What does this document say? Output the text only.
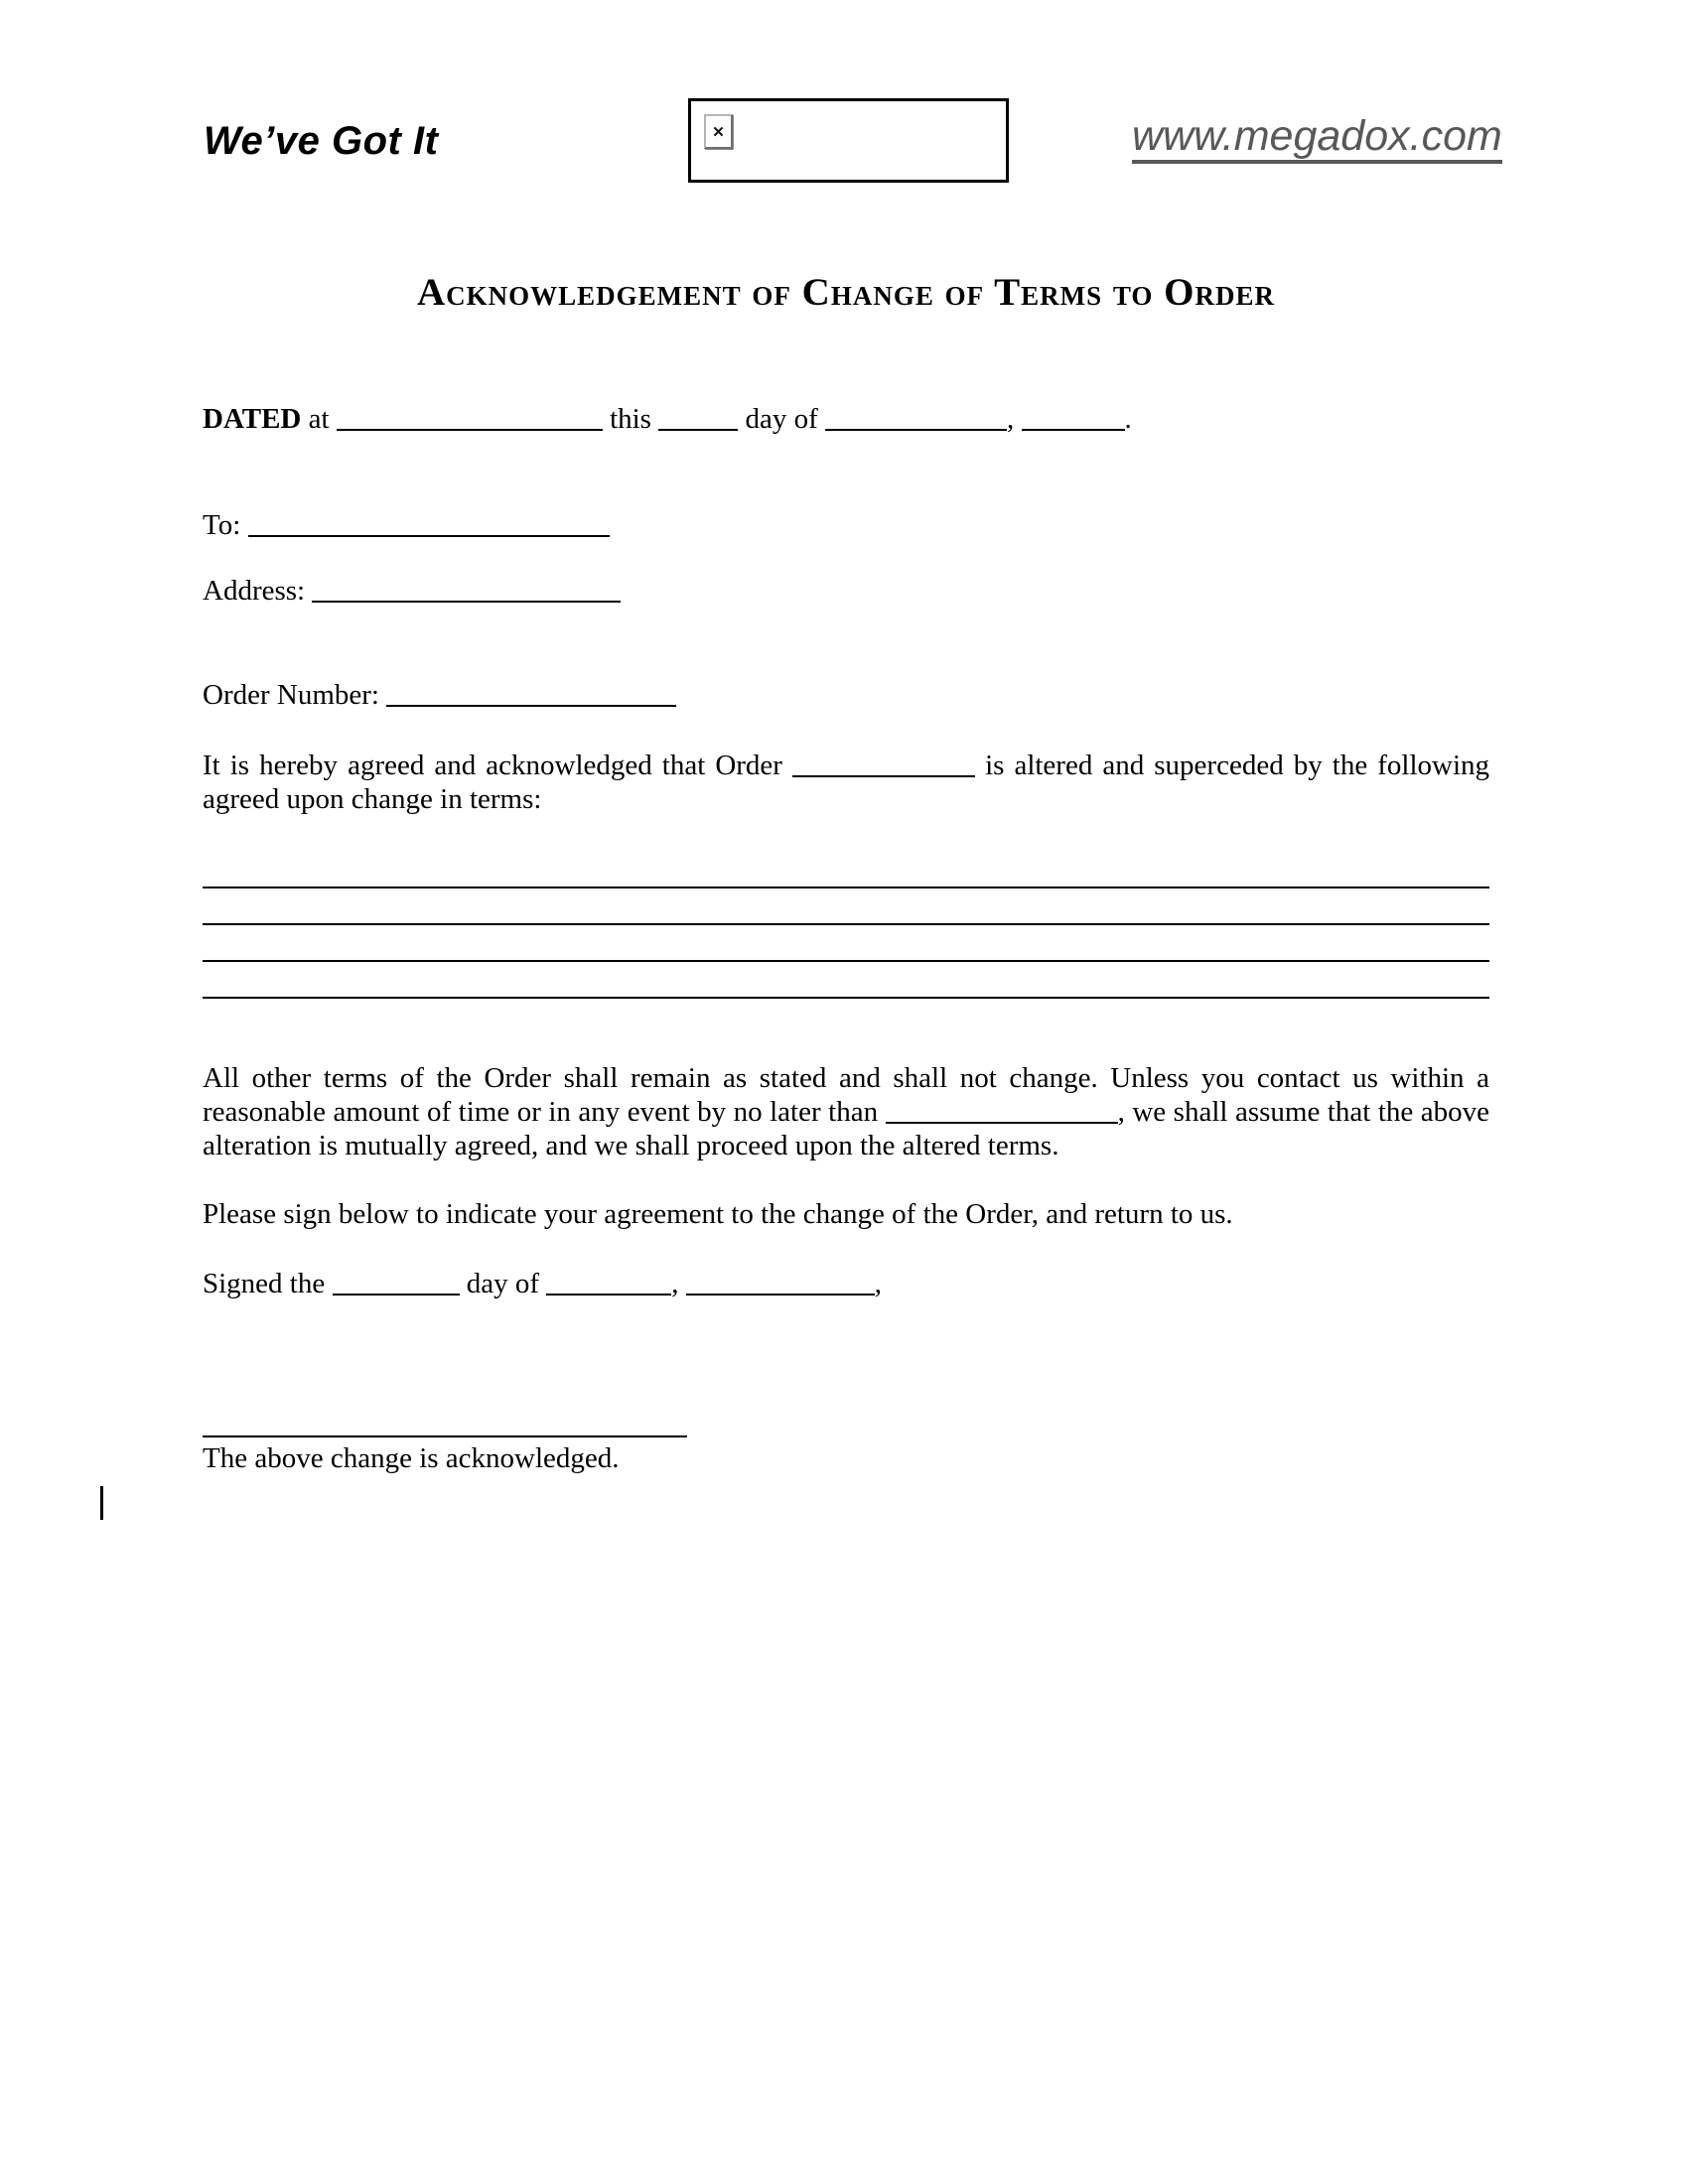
We’ve Got It	✕	www.megadox.com
Acknowledgement of Change of Terms to Order
DATED at	this	day of	,	.
To:
Address:
Order Number:
It is hereby agreed and acknowledged that Order	is altered and superceded by the following agreed upon change in terms:
All other terms of the Order shall remain as stated and shall not change. Unless you contact us within a reasonable amount of time or in any event by no later than	, we shall assume that the above alteration is mutually agreed, and we shall proceed upon the altered terms.
Please sign below to indicate your agreement to the change of the Order, and return to us.
Signed the	day of	,	,
The above change is acknowledged.
